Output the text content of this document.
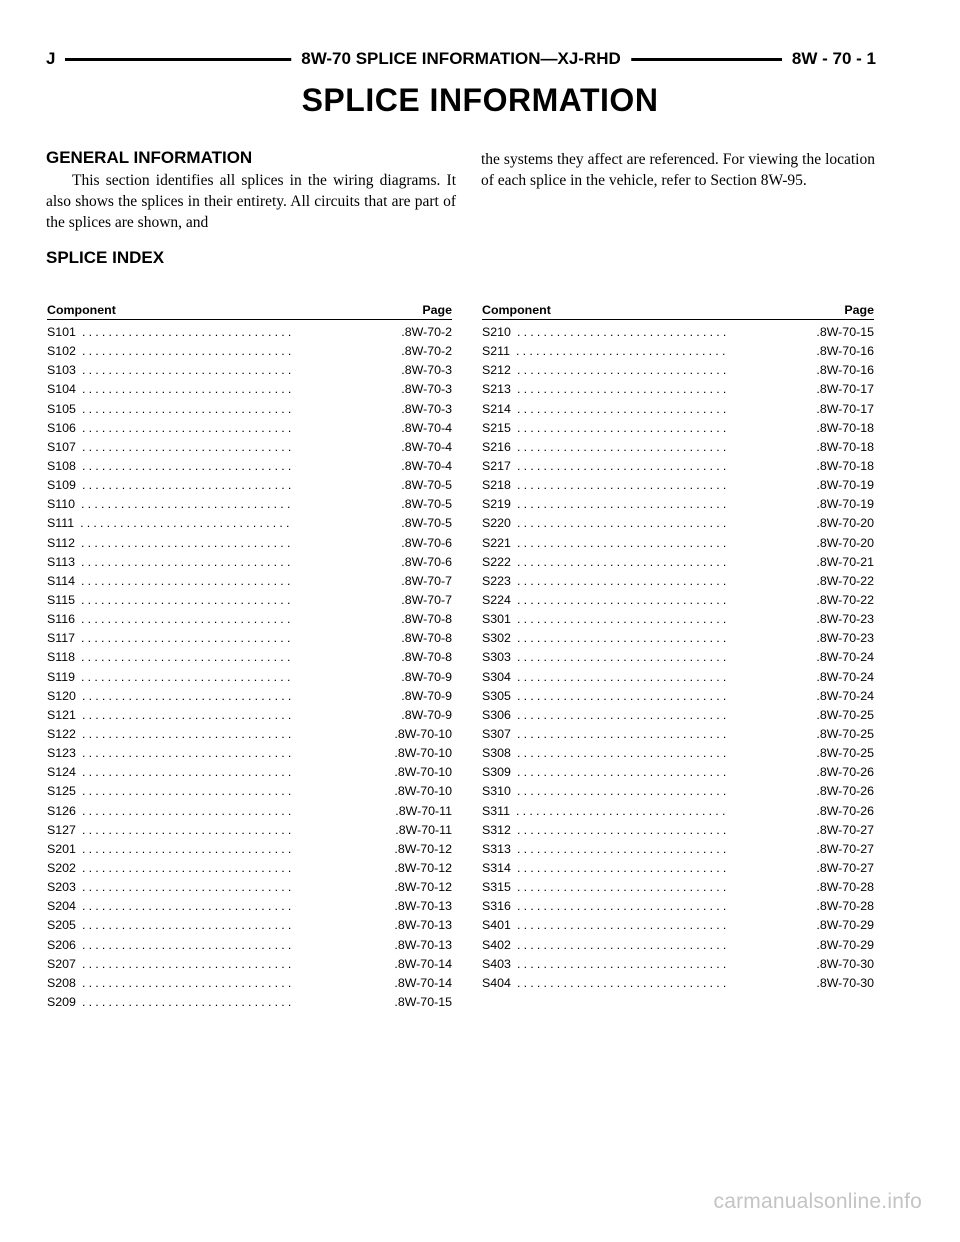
J	8W-70 SPLICE INFORMATION—XJ-RHD	8W - 70 - 1
SPLICE INFORMATION
GENERAL INFORMATION

This section identifies all splices in the wiring diagrams. It also shows the splices in their entirety. All circuits that are part of the splices are shown, and

the systems they affect are referenced. For viewing the location of each splice in the vehicle, refer to Section 8W-95.

SPLICE INDEX
Component	Page
S101 ................................	.8W-70-2
S102 ................................	.8W-70-2
S103 ................................	.8W-70-3
S104 ................................	.8W-70-3
S105 ................................	.8W-70-3
S106 ................................	.8W-70-4
S107 ................................	.8W-70-4
S108 ................................	.8W-70-4
S109 ................................	.8W-70-5
S110 ................................	.8W-70-5
S111 ................................	.8W-70-5
S112 ................................	.8W-70-6
S113 ................................	.8W-70-6
S114 ................................	.8W-70-7
S115 ................................	.8W-70-7
S116 ................................	.8W-70-8
S117 ................................	.8W-70-8
S118 ................................	.8W-70-8
S119 ................................	.8W-70-9
S120 ................................	.8W-70-9
S121 ................................	.8W-70-9
S122 ................................	.8W-70-10
S123 ................................	.8W-70-10
S124 ................................	.8W-70-10
S125 ................................	.8W-70-10
S126 ................................	.8W-70-11
S127 ................................	.8W-70-11
S201 ................................	.8W-70-12
S202 ................................	.8W-70-12
S203 ................................	.8W-70-12
S204 ................................	.8W-70-13
S205 ................................	.8W-70-13
S206 ................................	.8W-70-13
S207 ................................	.8W-70-14
S208 ................................	.8W-70-14
S209 ................................	.8W-70-15
Component	Page
S210 ................................	.8W-70-15
S211 ................................	.8W-70-16
S212 ................................	.8W-70-16
S213 ................................	.8W-70-17
S214 ................................	.8W-70-17
S215 ................................	.8W-70-18
S216 ................................	.8W-70-18
S217 ................................	.8W-70-18
S218 ................................	.8W-70-19
S219 ................................	.8W-70-19
S220 ................................	.8W-70-20
S221 ................................	.8W-70-20
S222 ................................	.8W-70-21
S223 ................................	.8W-70-22
S224 ................................	.8W-70-22
S301 ................................	.8W-70-23
S302 ................................	.8W-70-23
S303 ................................	.8W-70-24
S304 ................................	.8W-70-24
S305 ................................	.8W-70-24
S306 ................................	.8W-70-25
S307 ................................	.8W-70-25
S308 ................................	.8W-70-25
S309 ................................	.8W-70-26
S310 ................................	.8W-70-26
S311 ................................	.8W-70-26
S312 ................................	.8W-70-27
S313 ................................	.8W-70-27
S314 ................................	.8W-70-27
S315 ................................	.8W-70-28
S316 ................................	.8W-70-28
S401 ................................	.8W-70-29
S402 ................................	.8W-70-29
S403 ................................	.8W-70-30
S404 ................................	.8W-70-30
carmanualsonline.info
